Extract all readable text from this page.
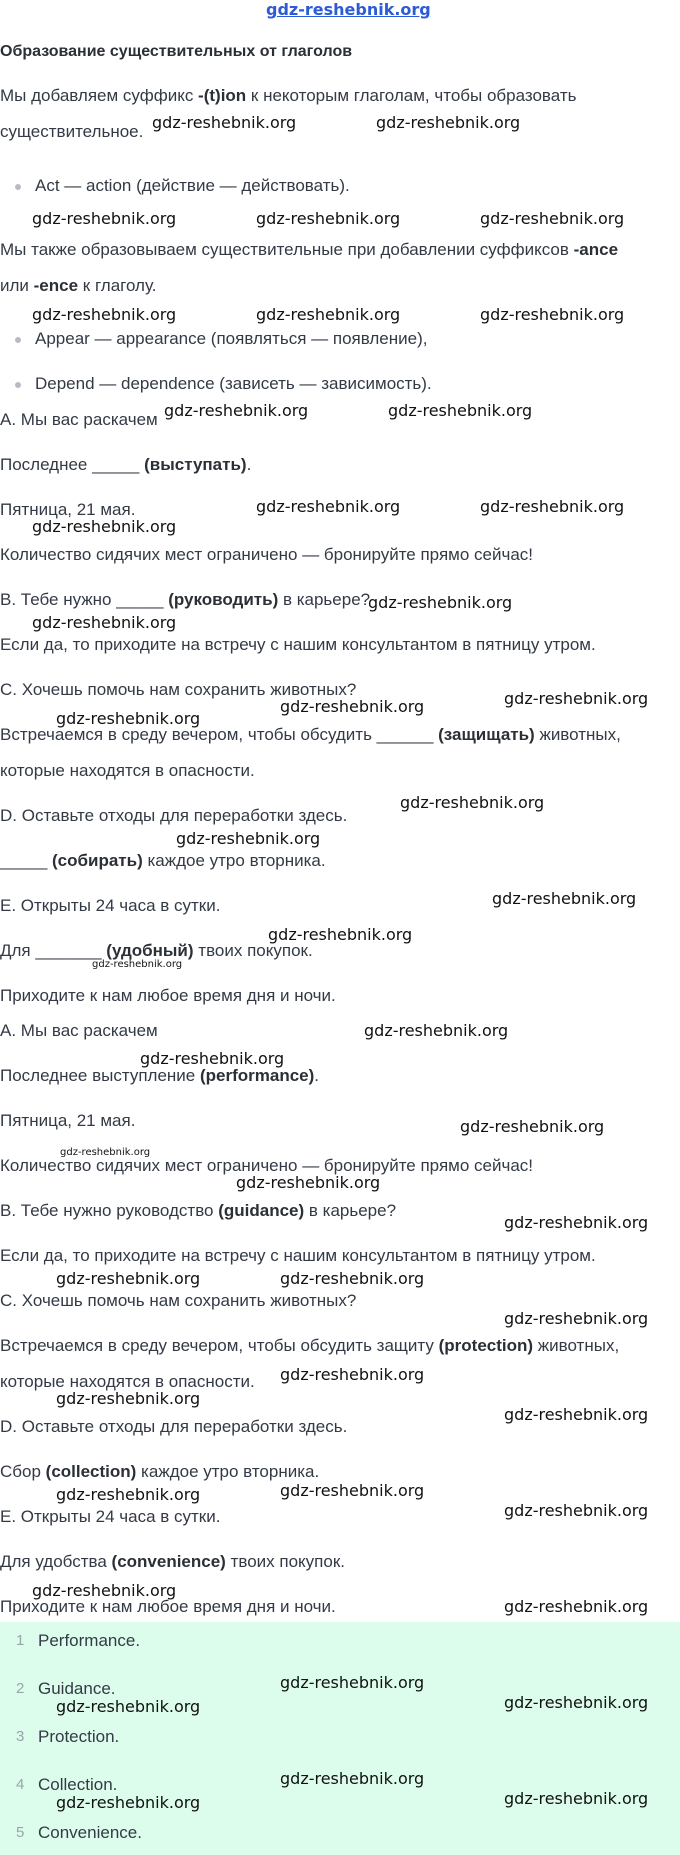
gdz-reshebnik.org
Образование существительных от глаголов
Мы добавляем суффикс -(t)ion к некоторым глаголам, чтобы образовать
существительное.
Act — action (действие — действовать).
Мы также образовываем существительные при добавлении суффиксов -ance
или -ence к глаголу.
Appear — appearance (появляться — появление),
Depend — dependence (зависеть — зависимость).
A. Мы вас раскачем
Последнее _____ (выступать).
Пятница, 21 мая.
Количество сидячих мест ограничено — бронируйте прямо сейчас!
B. Тебе нужно _____ (руководить) в карьере?
Если да, то приходите на встречу с нашим консультантом в пятницу утром.
C. Хочешь помочь нам сохранить животных?
Встречаемся в среду вечером, чтобы обсудить ______ (защищать) животных,
которые находятся в опасности.
D. Оставьте отходы для переработки здесь.
_____ (собирать) каждое утро вторника.
E. Открыты 24 часа в сутки.
Для _______ (удобный) твоих покупок.
Приходите к нам любое время дня и ночи.
A. Мы вас раскачем
Последнее выступление (performance).
Пятница, 21 мая.
Количество сидячих мест ограничено — бронируйте прямо сейчас!
B. Тебе нужно руководство (guidance) в карьере?
Если да, то приходите на встречу с нашим консультантом в пятницу утром.
C. Хочешь помочь нам сохранить животных?
Встречаемся в среду вечером, чтобы обсудить защиту (protection) животных,
которые находятся в опасности.
D. Оставьте отходы для переработки здесь.
Сбор (collection) каждое утро вторника.
E. Открыты 24 часа в сутки.
Для удобства (convenience) твоих покупок.
Приходите к нам любое время дня и ночи.
1 Performance.
2 Guidance.
3 Protection.
4 Collection.
5 Convenience.
gdz-reshebnik.org	gdz-reshebnik.org
gdz-reshebnik.org	gdz-reshebnik.org	gdz-reshebnik.org
gdz-reshebnik.org	gdz-reshebnik.org	gdz-reshebnik.org
gdz-reshebnik.org	gdz-reshebnik.org
gdz-reshebnik.org	gdz-reshebnik.org
gdz-reshebnik.org
gdz-reshebnik.org
gdz-reshebnik.org
gdz-reshebnik.org
gdz-reshebnik.org
gdz-reshebnik.org
gdz-reshebnik.org
gdz-reshebnik.org
gdz-reshebnik.org
gdz-reshebnik.org
gdz-reshebnik.org
gdz-reshebnik.org
gdz-reshebnik.org
gdz-reshebnik.org
gdz-reshebnik.org
gdz-reshebnik.org
gdz-reshebnik.org
gdz-reshebnik.org	gdz-reshebnik.org
gdz-reshebnik.org
gdz-reshebnik.org
gdz-reshebnik.org
gdz-reshebnik.org
gdz-reshebnik.org
gdz-reshebnik.org
gdz-reshebnik.org
gdz-reshebnik.org
gdz-reshebnik.org
gdz-reshebnik.org
gdz-reshebnik.org	gdz-reshebnik.org
gdz-reshebnik.org
gdz-reshebnik.org	gdz-reshebnik.org
